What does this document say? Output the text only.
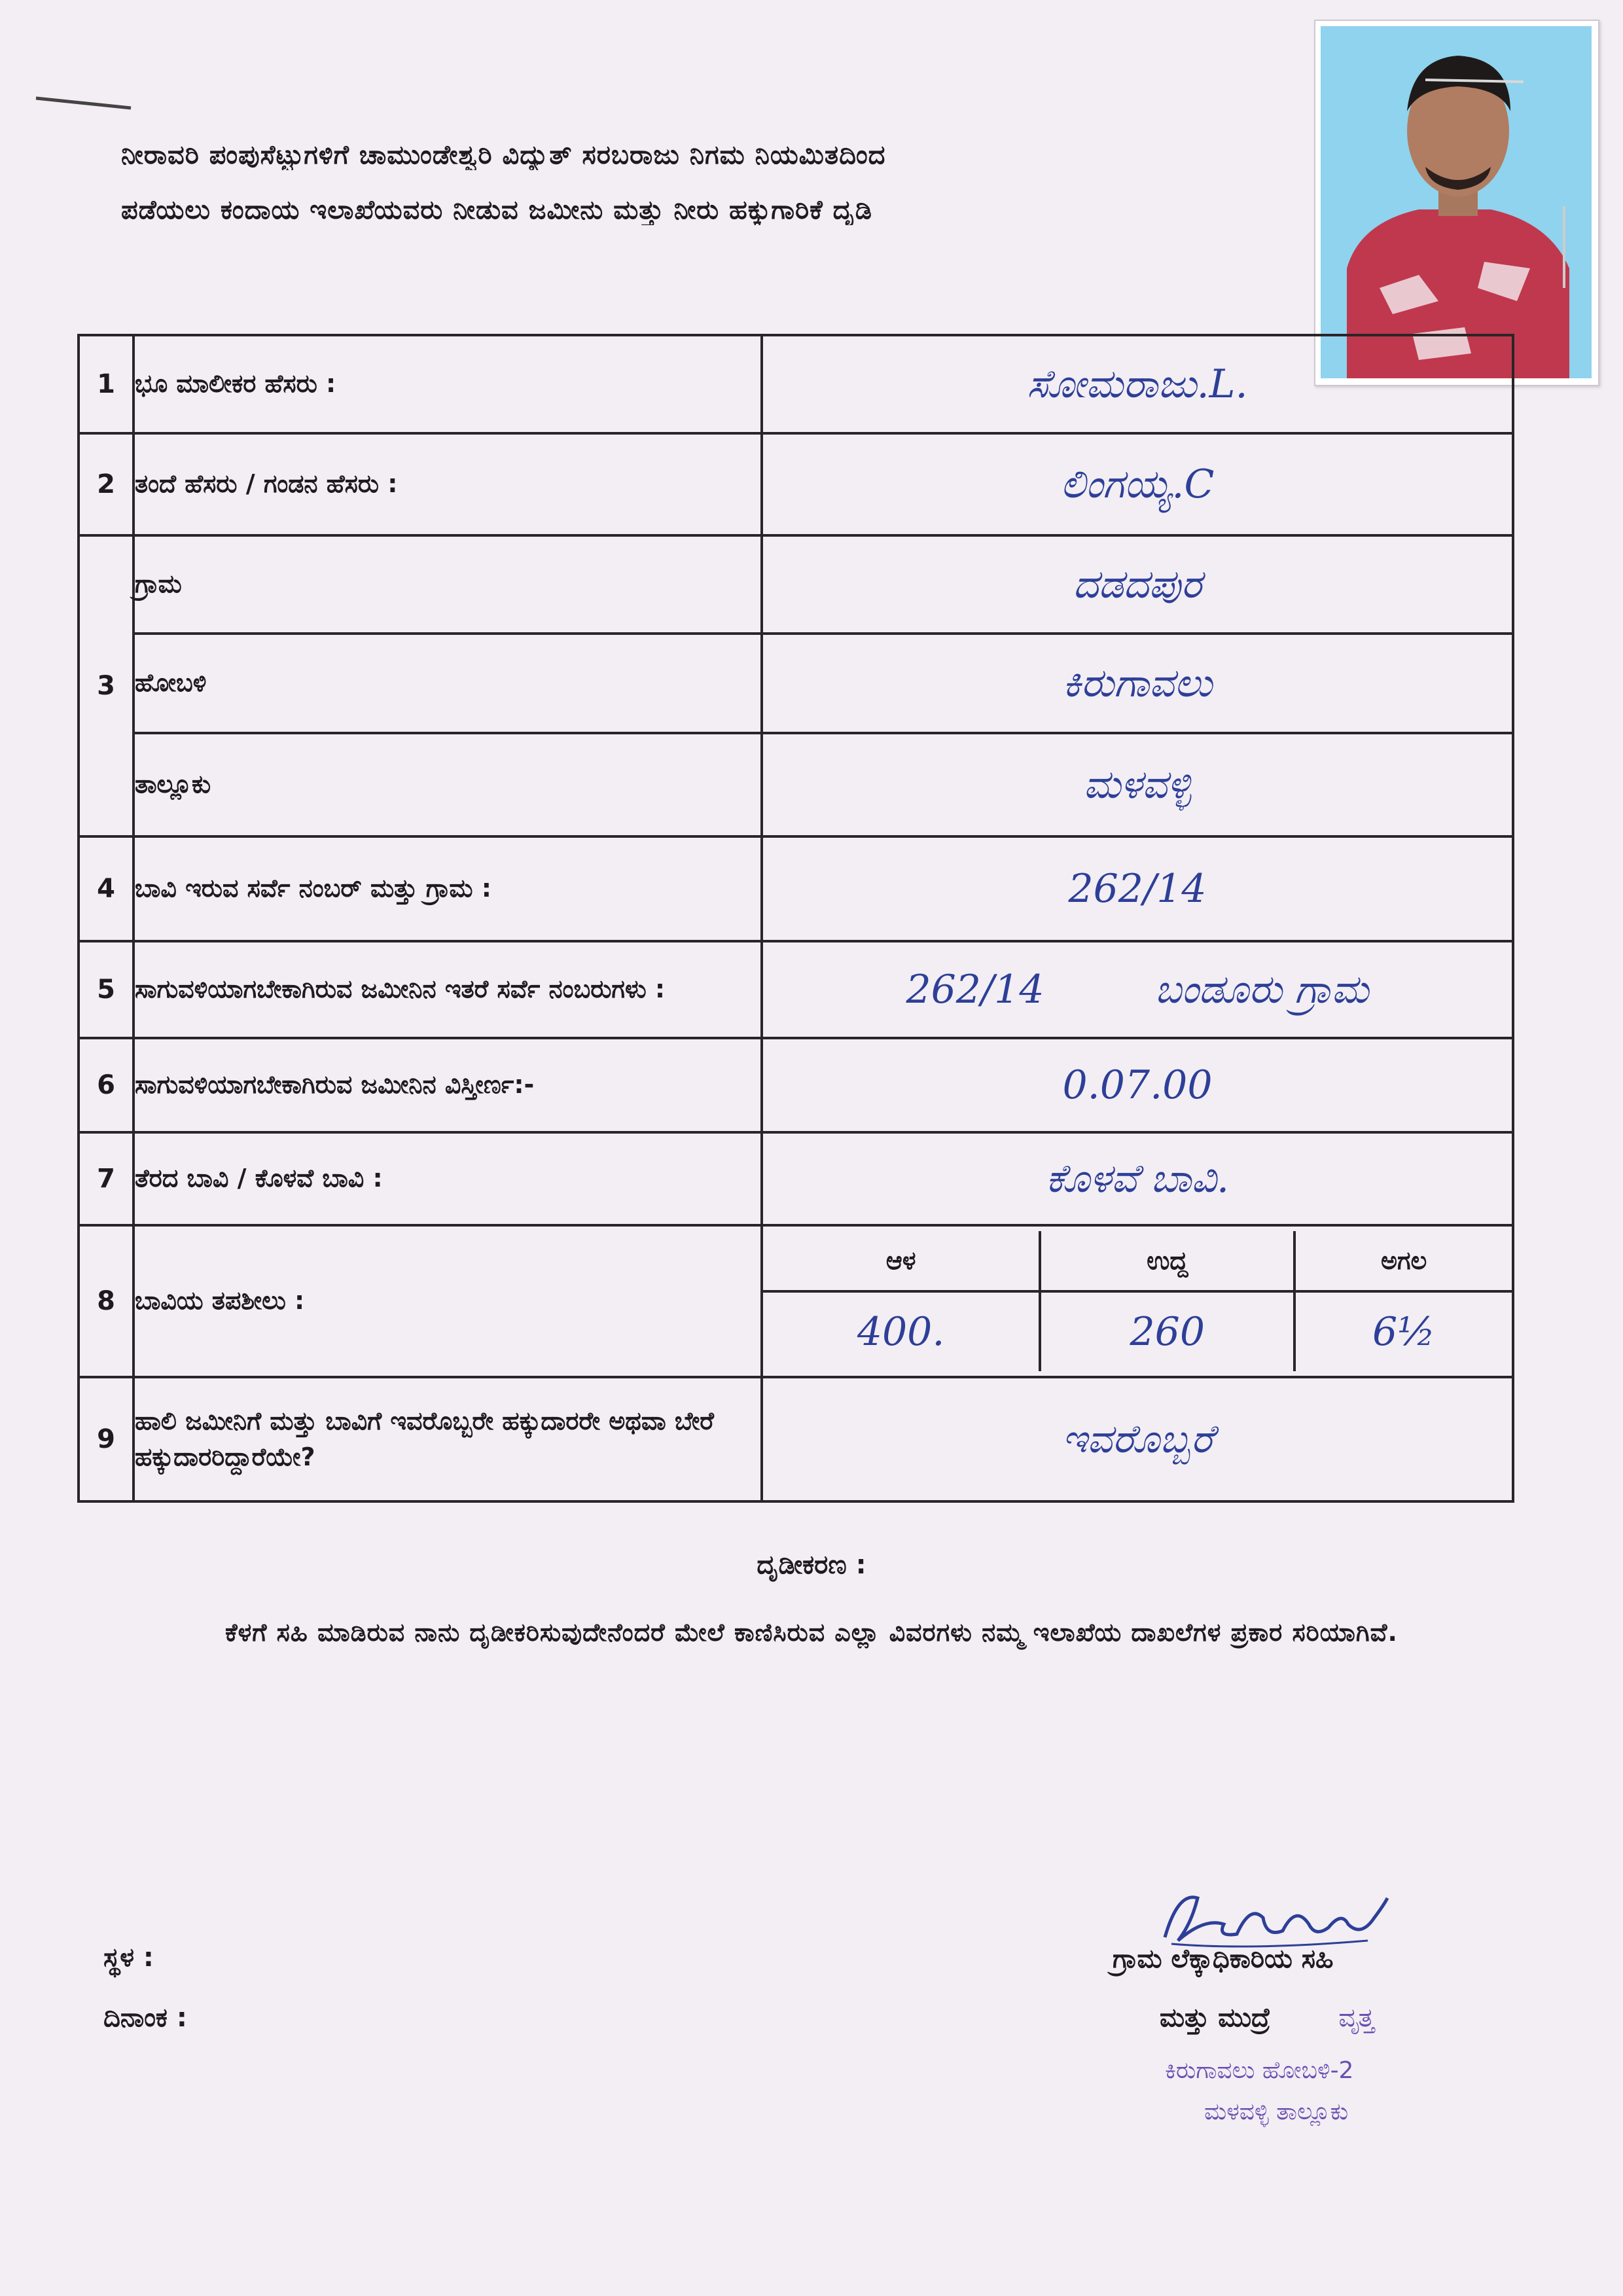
ನೀರಾವರಿ ಪಂಪುಸೆಟ್ಟುಗಳಿಗೆ ಚಾಮುಂಡೇಶ್ವರಿ ವಿದ್ಯುತ್ ಸರಬರಾಜು ನಿಗಮ ನಿಯಮಿತದಿಂದ
ಪಡೆಯಲು ಕಂದಾಯ ಇಲಾಖೆಯವರು ನೀಡುವ ಜಮೀನು ಮತ್ತು ನೀರು ಹಕ್ಕುಗಾರಿಕೆ ದೃಡಿ
1	ಭೂ ಮಾಲೀಕರ ಹೆಸರು :	ಸೋಮರಾಜು.L.
2	ತಂದೆ ಹೆಸರು / ಗಂಡನ ಹೆಸರು :	ಲಿಂಗಯ್ಯ.C
3	ಗ್ರಾಮ	ದಡದಪುರ
ಹೋಬಳಿ	ಕಿರುಗಾವಲು
ತಾಲ್ಲೂಕು	ಮಳವಳ್ಳಿ
4	ಬಾವಿ ಇರುವ ಸರ್ವೆ ನಂಬರ್ ಮತ್ತು ಗ್ರಾಮ :	262/14
5	ಸಾಗುವಳಿಯಾಗಬೇಕಾಗಿರುವ ಜಮೀನಿನ ಇತರೆ ಸರ್ವೆ ನಂಬರುಗಳು :	262/14	ಬಂಡೂರು ಗ್ರಾಮ
6	ಸಾಗುವಳಿಯಾಗಬೇಕಾಗಿರುವ ಜಮೀನಿನ ವಿಸ್ತೀರ್ಣ:-	0.07.00
7	ತೆರದ ಬಾವಿ / ಕೊಳವೆ ಬಾವಿ :	ಕೊಳವೆ ಬಾವಿ.
8	ಬಾವಿಯ ತಪಶೀಲು :	
ಆಳ	ಉದ್ದ	ಅಗಲ
400.	260	6½

9	ಹಾಲಿ ಜಮೀನಿಗೆ ಮತ್ತು ಬಾವಿಗೆ ಇವರೊಬ್ಬರೇ ಹಕ್ಕುದಾರರೇ ಅಥವಾ ಬೇರೆ ಹಕ್ಕುದಾರರಿದ್ದಾರೆಯೇ?	ಇವರೊಬ್ಬರೆ
ದೃಡೀಕರಣ :
ಕೆಳಗೆ ಸಹಿ ಮಾಡಿರುವ ನಾನು ದೃಡೀಕರಿಸುವುದೇನೆಂದರೆ ಮೇಲೆ ಕಾಣಿಸಿರುವ ಎಲ್ಲಾ ವಿವರಗಳು ನಮ್ಮ ಇಲಾಖೆಯ ದಾಖಲೆಗಳ ಪ್ರಕಾರ ಸರಿಯಾಗಿವೆ.
ಸ್ಥಳ :
ದಿನಾಂಕ :
ಗ್ರಾಮ ಲೆಕ್ಕಾಧಿಕಾರಿಯ ಸಹಿ
ಮತ್ತು ಮುದ್ರೆ	ವೃತ್ತ
ಕಿರುಗಾವಲು ಹೋಬಳಿ-2
ಮಳವಳ್ಳಿ ತಾಲ್ಲೂಕು
